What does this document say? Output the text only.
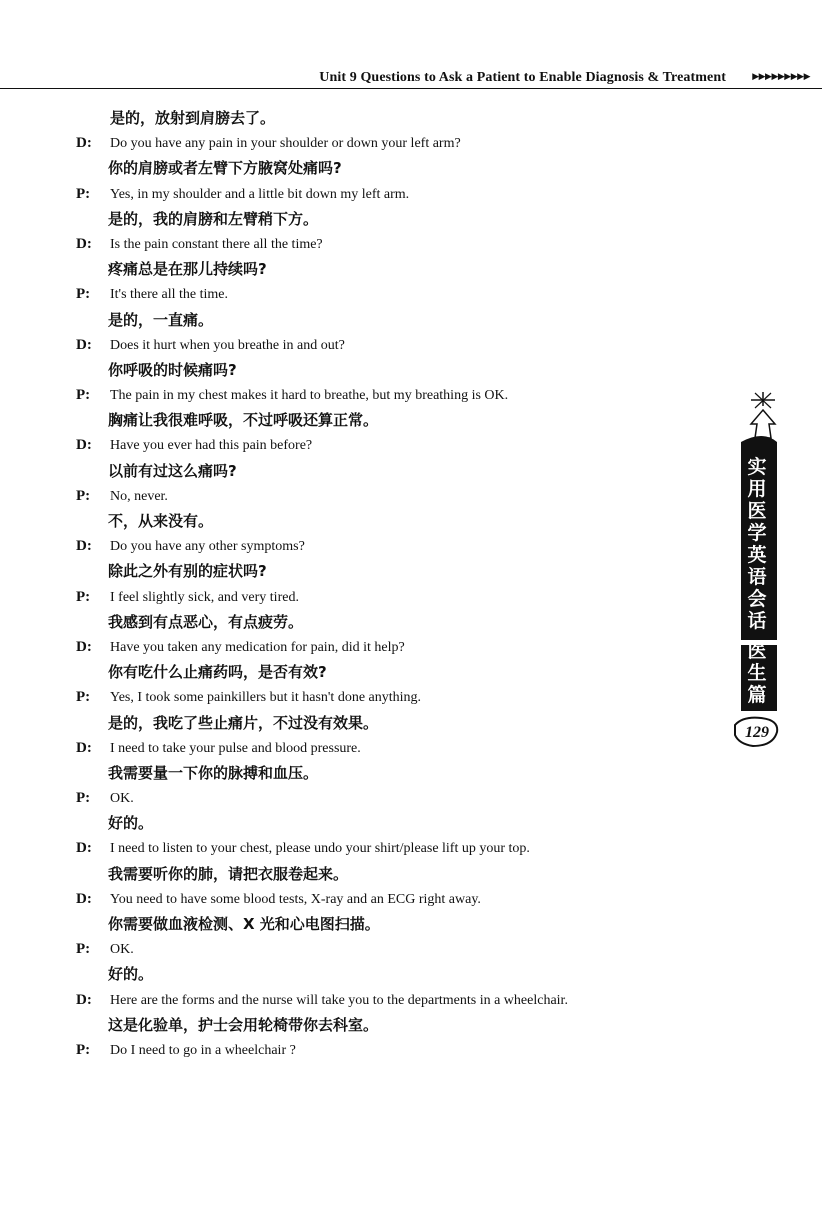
Unit 9 Questions to Ask a Patient to Enable Diagnosis & Treatment	▶▶▶▶▶▶▶▶▶
是的，放射到肩膀去了。
D: Do you have any pain in your shoulder or down your left arm?
你的肩膀或者左臂下方腋窝处痛吗?
P: Yes, in my shoulder and a little bit down my left arm.
是的，我的肩膀和左臂稍下方。
D: Is the pain constant there all the time?
疼痛总是在那儿持续吗?
P: It's there all the time.
是的，一直痛。
D: Does it hurt when you breathe in and out?
你呼吸的时候痛吗?
P: The pain in my chest makes it hard to breathe, but my breathing is OK.
胸痛让我很难呼吸，不过呼吸还算正常。
D: Have you ever had this pain before?
以前有过这么痛吗?
P: No, never.
不，从来没有。
D: Do you have any other symptoms?
除此之外有别的症状吗?
P: I feel slightly sick, and very tired.
我感到有点恶心，有点疲劳。
D: Have you taken any medication for pain, did it help?
你有吃什么止痛药吗，是否有效?
P: Yes, I took some painkillers but it hasn't done anything.
是的，我吃了些止痛片，不过没有效果。
D: I need to take your pulse and blood pressure.
我需要量一下你的脉搏和血压。
P: OK.
好的。
D: I need to listen to your chest, please undo your shirt/please lift up your top.
我需要听你的肺，请把衣服卷起来。
D: You need to have some blood tests, X-ray and an ECG right away.
你需要做血液检测、X 光和心电图扫描。
P: OK.
好的。
D: Here are the forms and the nurse will take you to the departments in a wheelchair.
这是化验单，护士会用轮椅带你去科室。
P: Do I need to go in a wheelchair ?
实用医学英语会话
医生篇
129
